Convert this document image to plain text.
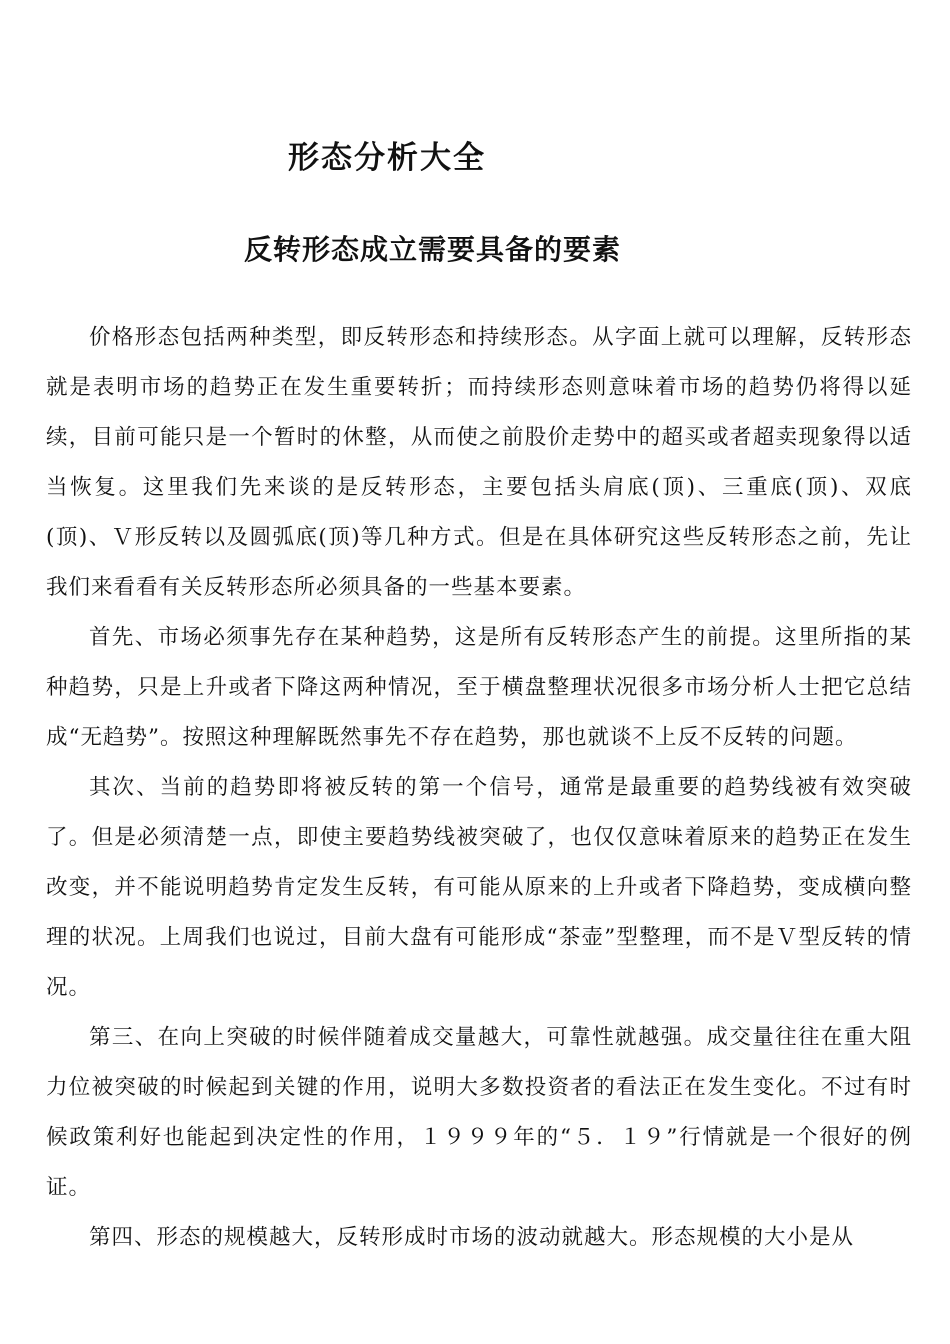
形态分析大全
反转形态成立需要具备的要素

价格形态包括两种类型，即反转形态和持续形态。从字面上就可以理解，反转形态就是表明市场的趋势正在发生重要转折；而持续形态则意味着市场的趋势仍将得以延续，目前可能只是一个暂时的休整，从而使之前股价走势中的超买或者超卖现象得以适当恢复。这里我们先来谈的是反转形态，主要包括头肩底(顶)、三重底(顶)、双底(顶)、Ｖ形反转以及圆弧底(顶)等几种方式。但是在具体研究这些反转形态之前，先让我们来看看有关反转形态所必须具备的一些基本要素。

首先、市场必须事先存在某种趋势，这是所有反转形态产生的前提。这里所指的某种趋势，只是上升或者下降这两种情况，至于横盘整理状况很多市场分析人士把它总结成“无趋势”。按照这种理解既然事先不存在趋势，那也就谈不上反不反转的问题。

其次、当前的趋势即将被反转的第一个信号，通常是最重要的趋势线被有效突破了。但是必须清楚一点，即使主要趋势线被突破了，也仅仅意味着原来的趋势正在发生改变，并不能说明趋势肯定发生反转，有可能从原来的上升或者下降趋势，变成横向整理的状况。上周我们也说过，目前大盘有可能形成“茶壶”型整理，而不是Ｖ型反转的情况。

第三、在向上突破的时候伴随着成交量越大，可靠性就越强。成交量往往在重大阻力位被突破的时候起到关键的作用，说明大多数投资者的看法正在发生变化。不过有时候政策利好也能起到决定性的作用，１９９９年的“５．１９”行情就是一个很好的例证。

第四、形态的规模越大，反转形成时市场的波动就越大。形态规模的大小是从
